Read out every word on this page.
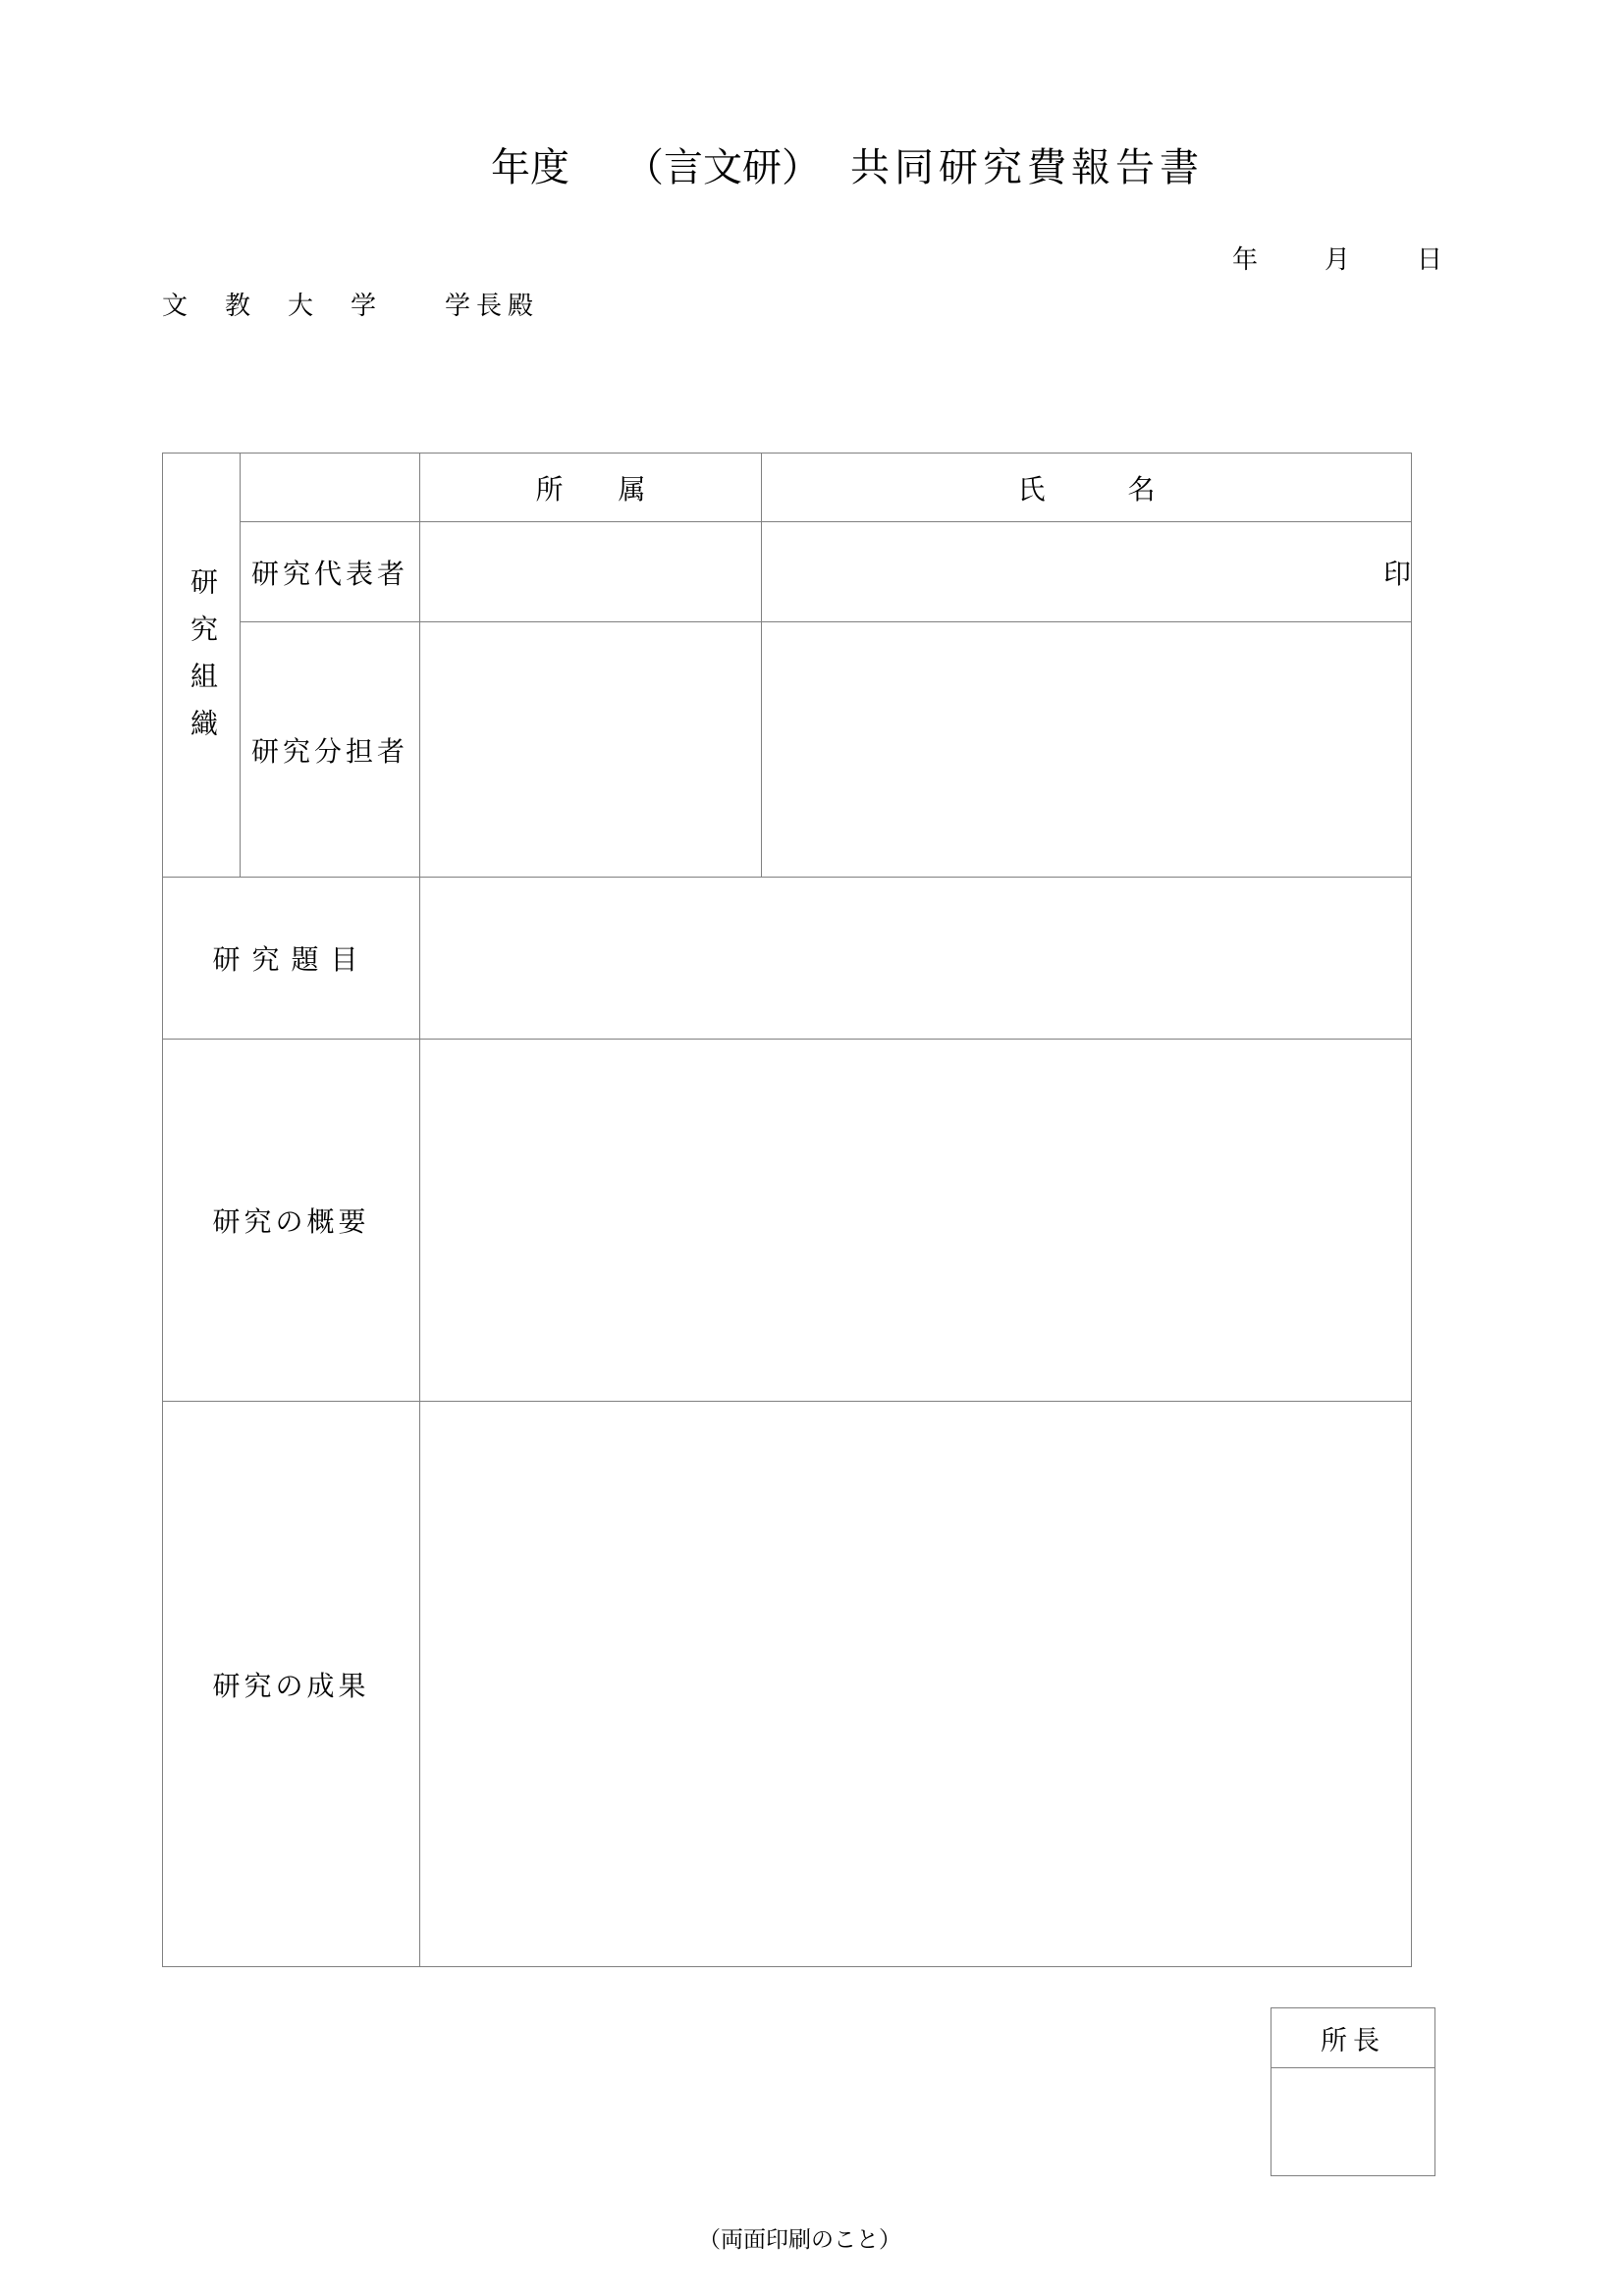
年度 （言文研） 共同研究費報告書
年	月	日
文　教　大　学　　学長殿
研究組織		所　　属	氏　　　名
	研究代表者		印
	研究分担者		
研究題目			
研究の概要			
研究の成果			
所長
（両面印刷のこと）
